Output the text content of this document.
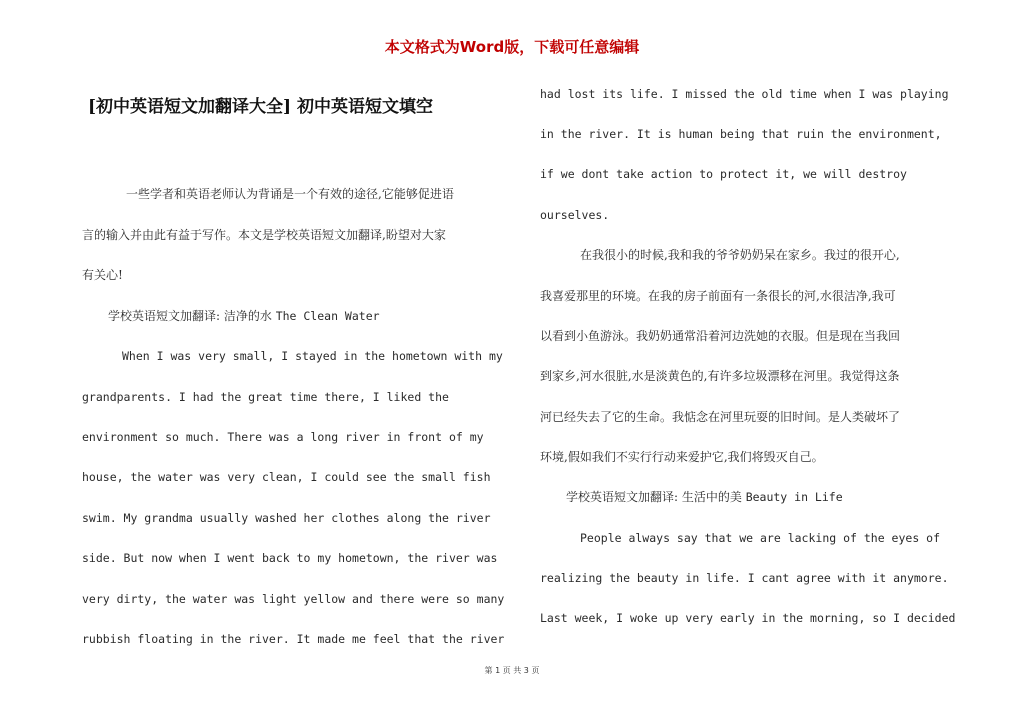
本文格式为Word版，下载可任意编辑
[初中英语短文加翻译大全] 初中英语短文填空
一些学者和英语老师认为背诵是一个有效的途径,它能够促进语
言的输入并由此有益于写作。本文是学校英语短文加翻译,盼望对大家
有关心!
学校英语短文加翻译: 洁净的水 The Clean Water
When I was very small, I stayed in the hometown with my
grandparents. I had the great time there, I liked the
environment so much. There was a long river in front of my
house, the water was very clean, I could see the small fish
swim. My grandma usually washed her clothes along the river
side. But now when I went back to my hometown, the river was
very dirty, the water was light yellow and there were so many
rubbish floating in the river. It made me feel that the river
had lost its life. I missed the old time when I was playing
in the river. It is human being that ruin the environment,
if we dont take action to protect it, we will destroy
ourselves.
在我很小的时候,我和我的爷爷奶奶呆在家乡。我过的很开心,
我喜爱那里的环境。在我的房子前面有一条很长的河,水很洁净,我可
以看到小鱼游泳。我奶奶通常沿着河边洗她的衣服。但是现在当我回
到家乡,河水很脏,水是淡黄色的,有许多垃圾漂移在河里。我觉得这条
河已经失去了它的生命。我惦念在河里玩耍的旧时间。是人类破坏了
环境,假如我们不实行行动来爱护它,我们将毁灭自己。
学校英语短文加翻译: 生活中的美 Beauty in Life
People always say that we are lacking of the eyes of
realizing the beauty in life. I cant agree with it anymore.
Last week, I woke up very early in the morning, so I decided
第 1 页 共 3 页
